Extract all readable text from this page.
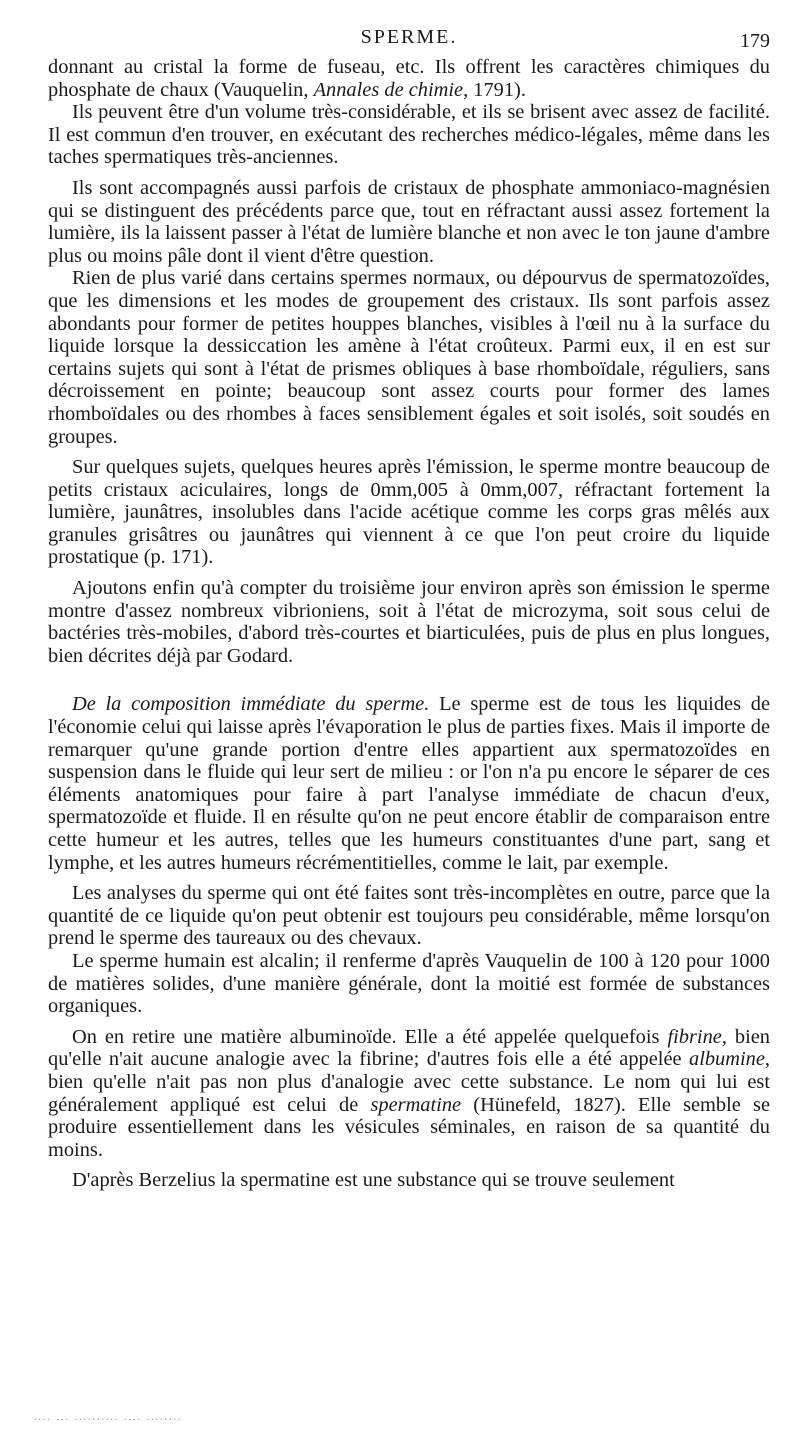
SPERME.	179

donnant au cristal la forme de fuseau, etc. Ils offrent les caractères chimiques du phosphate de chaux (Vauquelin, Annales de chimie, 1791).

Ils peuvent être d'un volume très-considérable, et ils se brisent avec assez de facilité. Il est commun d'en trouver, en exécutant des recherches médico-légales, même dans les taches spermatiques très-anciennes.

Ils sont accompagnés aussi parfois de cristaux de phosphate ammoniaco-magnésien qui se distinguent des précédents parce que, tout en réfractant aussi assez fortement la lumière, ils la laissent passer à l'état de lumière blanche et non avec le ton jaune d'ambre plus ou moins pâle dont il vient d'être question.

Rien de plus varié dans certains spermes normaux, ou dépourvus de spermatozoïdes, que les dimensions et les modes de groupement des cristaux. Ils sont parfois assez abondants pour former de petites houppes blanches, visibles à l'œil nu à la surface du liquide lorsque la dessiccation les amène à l'état croûteux. Parmi eux, il en est sur certains sujets qui sont à l'état de prismes obliques à base rhomboïdale, réguliers, sans décroissement en pointe; beaucoup sont assez courts pour former des lames rhomboïdales ou des rhombes à faces sensiblement égales et soit isolés, soit soudés en groupes.

Sur quelques sujets, quelques heures après l'émission, le sperme montre beaucoup de petits cristaux aciculaires, longs de 0mm,005 à 0mm,007, réfractant fortement la lumière, jaunâtres, insolubles dans l'acide acétique comme les corps gras mêlés aux granules grisâtres ou jaunâtres qui viennent à ce que l'on peut croire du liquide prostatique (p. 171).

Ajoutons enfin qu'à compter du troisième jour environ après son émission le sperme montre d'assez nombreux vibrioniens, soit à l'état de microzyma, soit sous celui de bactéries très-mobiles, d'abord très-courtes et biarticulées, puis de plus en plus longues, bien décrites déjà par Godard.

De la composition immédiate du sperme. Le sperme est de tous les liquides de l'économie celui qui laisse après l'évaporation le plus de parties fixes. Mais il importe de remarquer qu'une grande portion d'entre elles appartient aux spermatozoïdes en suspension dans le fluide qui leur sert de milieu : or l'on n'a pu encore le séparer de ces éléments anatomiques pour faire à part l'analyse immédiate de chacun d'eux, spermatozoïde et fluide. Il en résulte qu'on ne peut encore établir de comparaison entre cette humeur et les autres, telles que les humeurs constituantes d'une part, sang et lymphe, et les autres humeurs récrémentitielles, comme le lait, par exemple.

Les analyses du sperme qui ont été faites sont très-incomplètes en outre, parce que la quantité de ce liquide qu'on peut obtenir est toujours peu considérable, même lorsqu'on prend le sperme des taureaux ou des chevaux.

Le sperme humain est alcalin; il renferme d'après Vauquelin de 100 à 120 pour 1000 de matières solides, d'une manière générale, dont la moitié est formée de substances organiques.

On en retire une matière albuminoïde. Elle a été appelée quelquefois fibrine, bien qu'elle n'ait aucune analogie avec la fibrine; d'autres fois elle a été appelée albumine, bien qu'elle n'ait pas non plus d'analogie avec cette substance. Le nom qui lui est généralement appliqué est celui de spermatine (Hünefeld, 1827). Elle semble se produire essentiellement dans les vésicules séminales, en raison de sa quantité du moins.

D'après Berzelius la spermatine est une substance qui se trouve seulement

.... ... .......... .... ........
